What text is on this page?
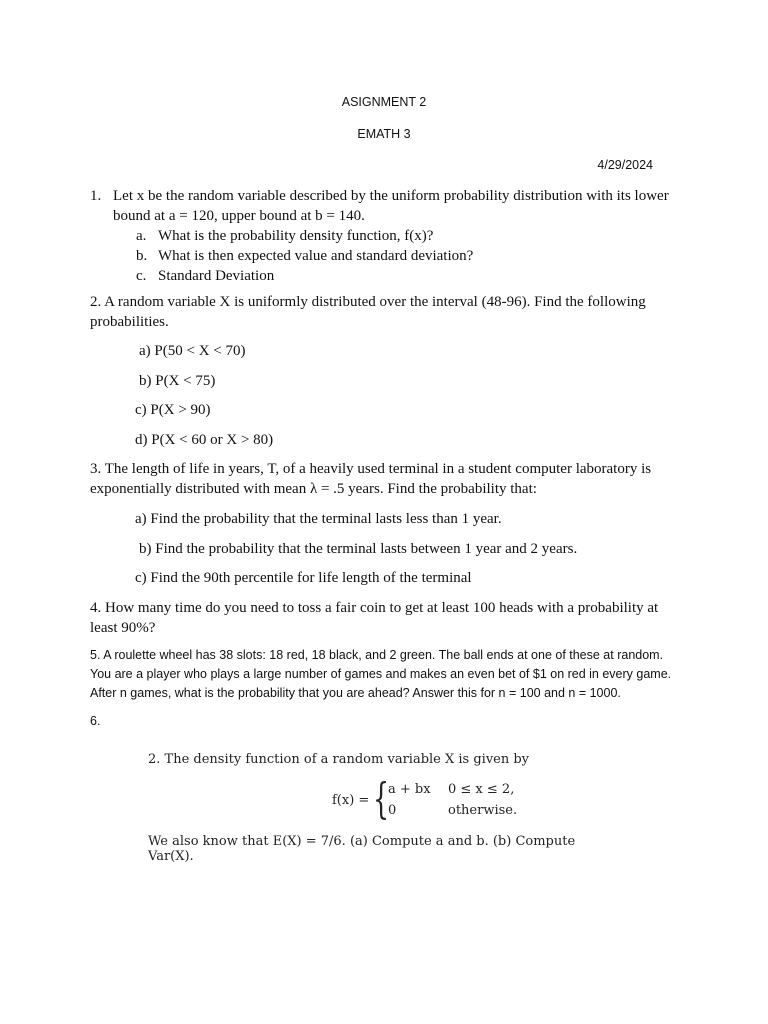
ASIGNMENT 2
EMATH 3
4/29/2024
1. Let x be the random variable described by the uniform probability distribution with its lower
bound at a = 120, upper bound at b = 140.
a. What is the probability density function, f(x)?
b. What is then expected value and standard deviation?
c. Standard Deviation
2. A random variable X is uniformly distributed over the interval (48-96). Find the following
probabilities.
a) P(50 < X < 70)
b) P(X < 75)
c) P(X > 90)
d) P(X < 60 or X > 80)
3. The length of life in years, T, of a heavily used terminal in a student computer laboratory is
exponentially distributed with mean λ = .5 years. Find the probability that:
a) Find the probability that the terminal lasts less than 1 year.
b) Find the probability that the terminal lasts between 1 year and 2 years.
c) Find the 90th percentile for life length of the terminal
4. How many time do you need to toss a fair coin to get at least 100 heads with a probability at
least 90%?
5. A roulette wheel has 38 slots: 18 red, 18 black, and 2 green. The ball ends at one of these at random.
You are a player who plays a large number of games and makes an even bet of $1 on red in every game.
After n games, what is the probability that you are ahead? Answer this for n = 100 and n = 1000.
6.
2. The density function of a random variable X is given by
f(x) = {
a + bx 0 ≤ x ≤ 2,
0	otherwise.
We also know that E(X) = 7/6. (a) Compute a and b. (b) Compute Var(X).
